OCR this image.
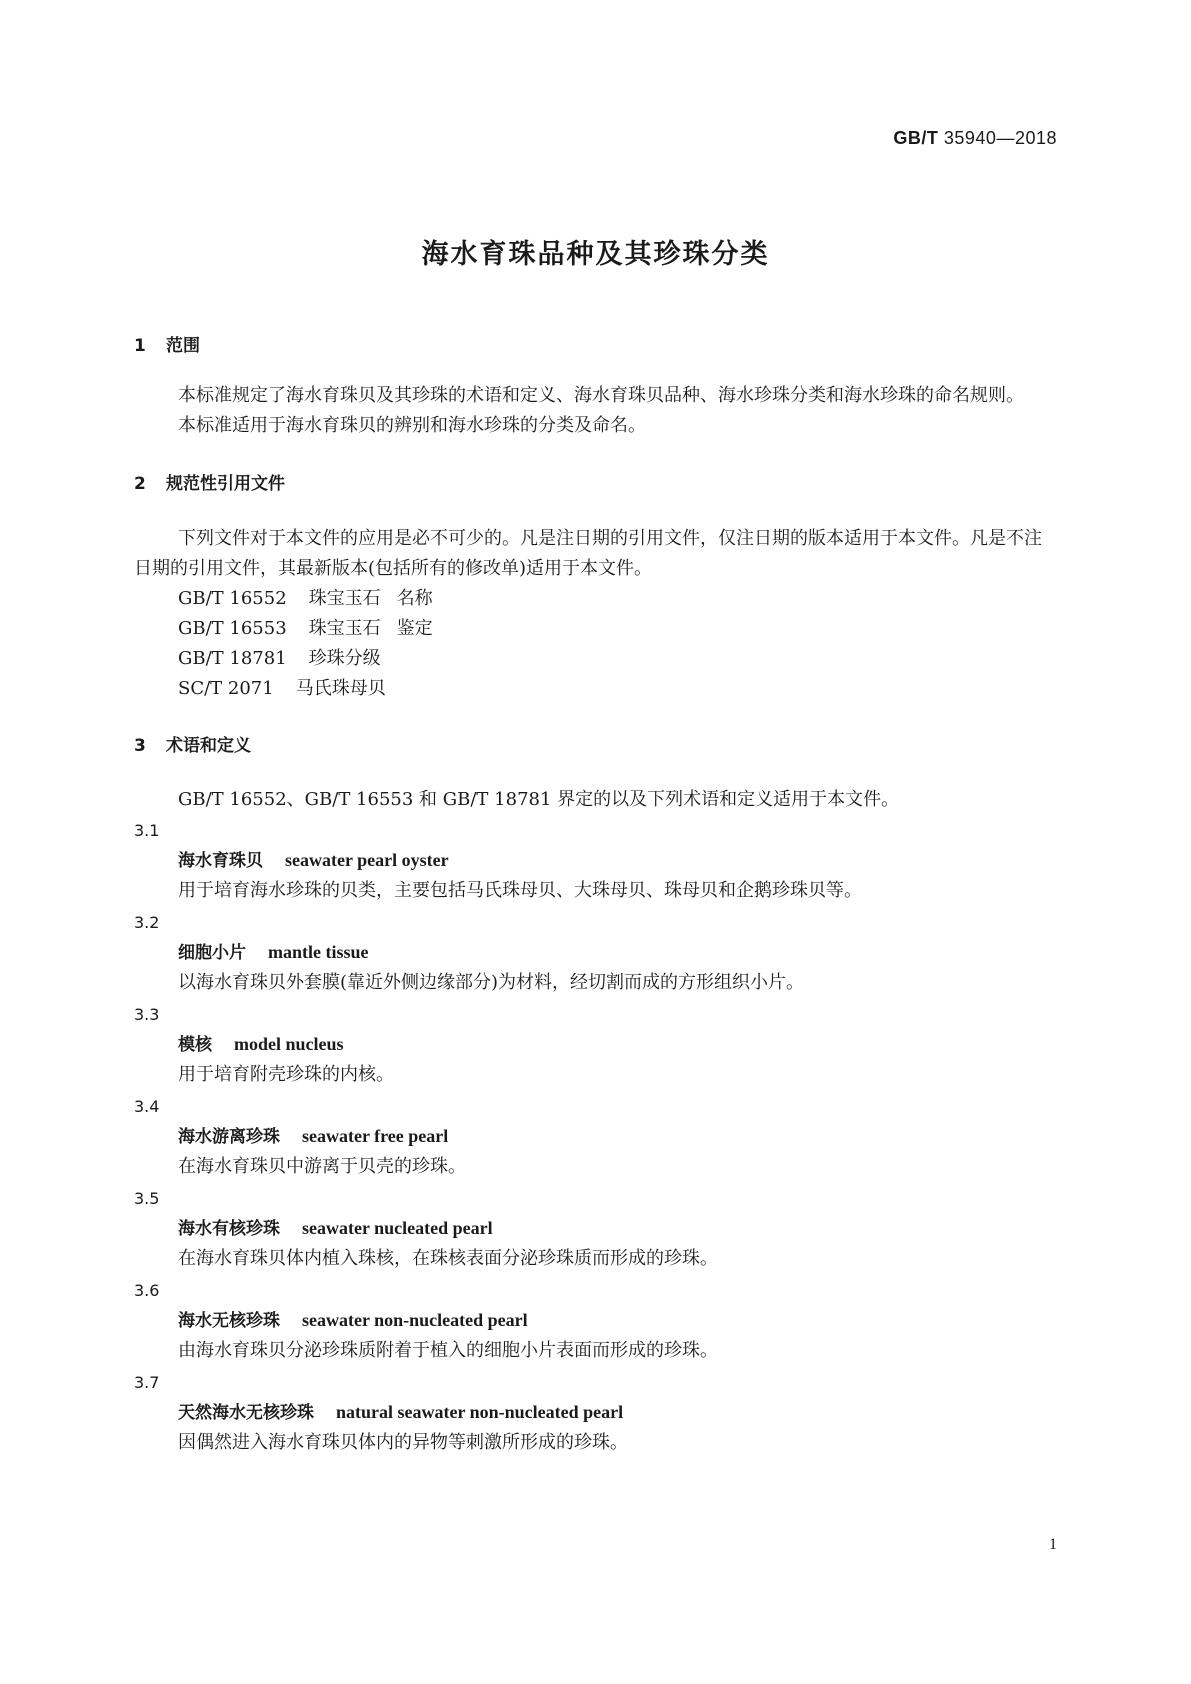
GB/T 35940—2018
海水育珠品种及其珍珠分类
1 范围

本标准规定了海水育珠贝及其珍珠的术语和定义、海水育珠贝品种、海水珍珠分类和海水珍珠的命名规则。

本标准适用于海水育珠贝的辨别和海水珍珠的分类及命名。

2 规范性引用文件

下列文件对于本文件的应用是必不可少的。凡是注日期的引用文件，仅注日期的版本适用于本文件。凡是不注日期的引用文件，其最新版本(包括所有的修改单)适用于本文件。

GB/T 16552 珠宝玉石 名称
GB/T 16553 珠宝玉石 鉴定
GB/T 18781 珍珠分级
SC/T 2071 马氏珠母贝
3 术语和定义

GB/T 16552、GB/T 16553 和 GB/T 18781 界定的以及下列术语和定义适用于本文件。

3.1
海水育珠贝 seawater pearl oyster
用于培育海水珍珠的贝类，主要包括马氏珠母贝、大珠母贝、珠母贝和企鹅珍珠贝等。
3.2
细胞小片 mantle tissue
以海水育珠贝外套膜(靠近外侧边缘部分)为材料，经切割而成的方形组织小片。
3.3
模核 model nucleus
用于培育附壳珍珠的内核。
3.4
海水游离珍珠 seawater free pearl
在海水育珠贝中游离于贝壳的珍珠。
3.5
海水有核珍珠 seawater nucleated pearl
在海水育珠贝体内植入珠核，在珠核表面分泌珍珠质而形成的珍珠。
3.6
海水无核珍珠 seawater non-nucleated pearl
由海水育珠贝分泌珍珠质附着于植入的细胞小片表面而形成的珍珠。
3.7
天然海水无核珍珠 natural seawater non-nucleated pearl
因偶然进入海水育珠贝体内的异物等刺激所形成的珍珠。
1
